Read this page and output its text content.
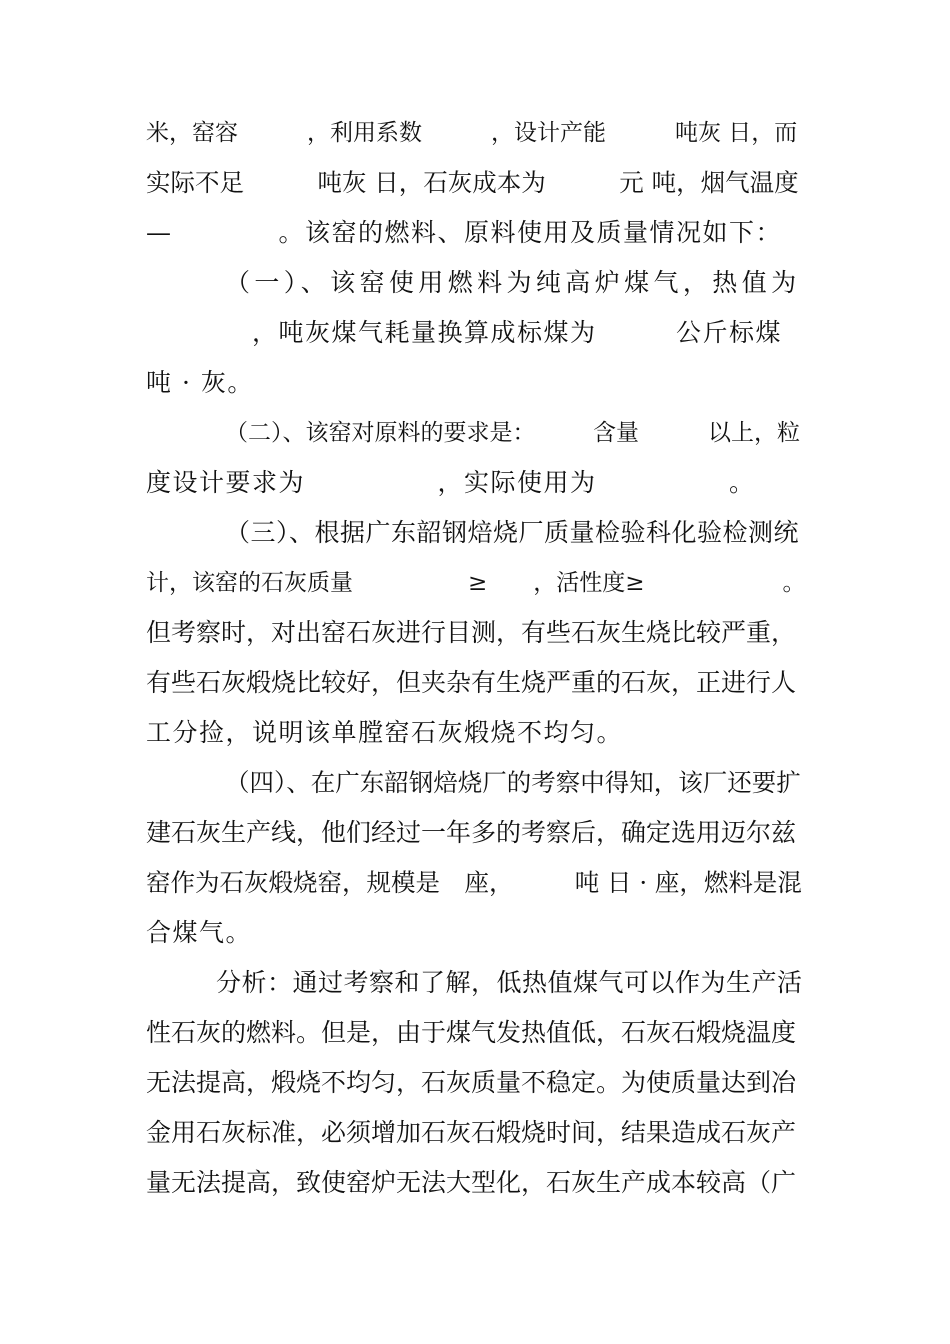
米，窑容　　　，利用系数　　　，设计产能　　　吨灰 日，而
实际不足　　　吨灰 日，石灰成本为　　　元 吨，烟气温度
—　　　　。该窑的燃料、原料使用及质量情况如下：
（一）、该窑使用燃料为纯高炉煤气，热值为
　　　　，吨灰煤气耗量换算成标煤为　　　公斤标煤
吨 · 灰。
（二）、该窑对原料的要求是：　　　含量　　　以上，粒
度设计要求为　　　　　，实际使用为　　　　　。
（三）、根据广东韶钢焙烧厂质量检验科化验检测统
计，该窑的石灰质量　　　　　≥　　，活性度≥　　　　　　。
但考察时，对出窑石灰进行目测，有些石灰生烧比较严重，
有些石灰煅烧比较好，但夹杂有生烧严重的石灰，正进行人
工分捡，说明该单膛窑石灰煅烧不均匀。
（四）、在广东韶钢焙烧厂的考察中得知，该厂还要扩
建石灰生产线，他们经过一年多的考察后，确定选用迈尔兹
窑作为石灰煅烧窑，规模是　座，　　　吨 日 · 座，燃料是混
合煤气。
分析：通过考察和了解，低热值煤气可以作为生产活
性石灰的燃料。但是，由于煤气发热值低，石灰石煅烧温度
无法提高，煅烧不均匀，石灰质量不稳定。为使质量达到冶
金用石灰标准，必须增加石灰石煅烧时间，结果造成石灰产
量无法提高，致使窑炉无法大型化，石灰生产成本较高（广
